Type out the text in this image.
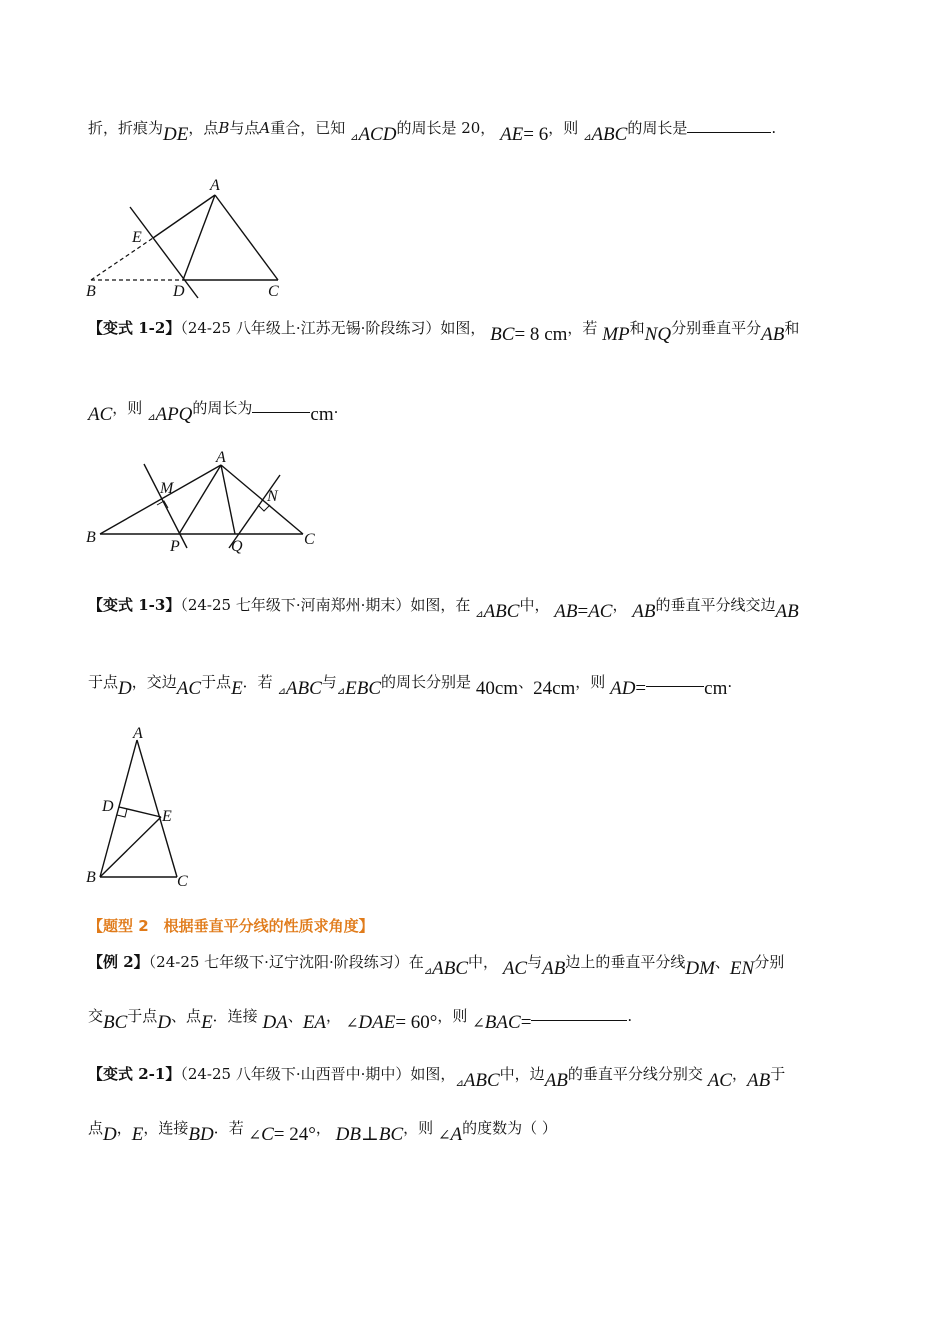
折，折痕为DE，点B与点A重合，已知 $_⊿$ACD的周长是 20， AE= 6，则 $_⊿$ABC的周长是	.
A
E
B	D	C
【变式 1-2】（24-25 八年级上·江苏无锡·阶段练习）如图， BC= 8 cm，若 MP和NQ分别垂直平分AB和
AC，则 $_⊿$APQ的周长为	cm.
A
M	N
B
P	Q	C
【变式 1-3】（24-25 七年级下·河南郑州·期末）如图，在 $_⊿$ABC中， AB=AC， AB的垂直平分线交边AB
于点D，交边AC于点E．若 $_⊿$ABC与$_⊿$EBC的周长分别是 40cm、24cm，则 AD=	cm.
A
D
E
B	C
【题型 2　根据垂直平分线的性质求角度】
【例 2】（24-25 七年级下·辽宁沈阳·阶段练习）在$_⊿$ABC中， AC与AB边上的垂直平分线DM、EN分别
交BC于点D、点E．连接 DA、EA， ∠DAE= 60°，则 ∠BAC=	.
【变式 2-1】（24-25 八年级下·山西晋中·期中）如图，$_⊿$ABC中，边AB的垂直平分线分别交 AC，AB于
点D，E，连接BD．若 ∠C= 24°， DB⊥BC，则 ∠A的度数为（ ）
